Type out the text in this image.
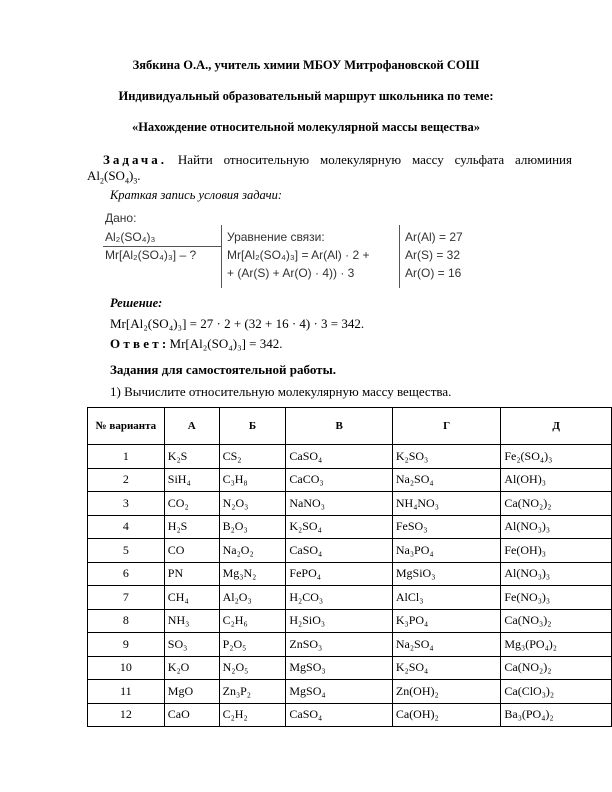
Зябкина О.А., учитель химии МБОУ Митрофановской СОШ
Индивидуальный образовательный маршрут школьника по теме:
«Нахождение относительной молекулярной массы вещества»
Задача. Найти относительную молекулярную массу сульфата алюминия $Al_2(SO_4)_3$.
Краткая запись условия задачи:
Дано:
Al₂(SO₄)₃
Mr[Al₂(SO₄)₃] – ?
Уравнение связи:
Mr[Al₂(SO₄)₃] = Ar(Al) · 2 +
+ (Ar(S) + Ar(O) · 4)) · 3
Ar(Al) = 27
Ar(S) = 32
Ar(O) = 16
Решение:
Mr[Al₂(SO₄)₃] = 27 · 2 + (32 + 16 · 4) · 3 = 342.
О т в е т : Mr[Al₂(SO₄)₃] = 342.
Задания для самостоятельной работы.
1) Вычислите относительную молекулярную массу вещества.
№ варианта	А	Б	В	Г	Д
1	K₂S	CS₂	CaSO₄	K₂SO₃	Fe₂(SO₄)₃
2	SiH₄	C₃H₈	CaCO₃	Na₂SO₄	Al(OH)₃
3	CO₂	N₂O₃	NaNO₃	NH₄NO₃	Ca(NO₂)₂
4	H₂S	B₂O₃	K₂SO₄	FeSO₃	Al(NO₃)₃
5	CO	Na₂O₂	CaSO₄	Na₃PO₄	Fe(OH)₃
6	PN	Mg₃N₂	FePO₄	MgSiO₃	Al(NO₃)₃
7	CH₄	Al₂O₃	H₂CO₃	AlCl₃	Fe(NO₃)₃
8	NH₃	C₂H₆	H₂SiO₃	K₃PO₄	Ca(NO₃)₂
9	SO₃	P₂O₅	ZnSO₃	Na₂SO₄	Mg₃(PO₄)₂
10	K₂O	N₂O₅	MgSO₃	K₂SO₄	Ca(NO₂)₂
11	MgO	Zn₃P₂	MgSO₄	Zn(OH)₂	Ca(ClO₃)₂
12	CaO	C₂H₂	CaSO₄	Ca(OH)₂	Ba₃(PO₄)₂
